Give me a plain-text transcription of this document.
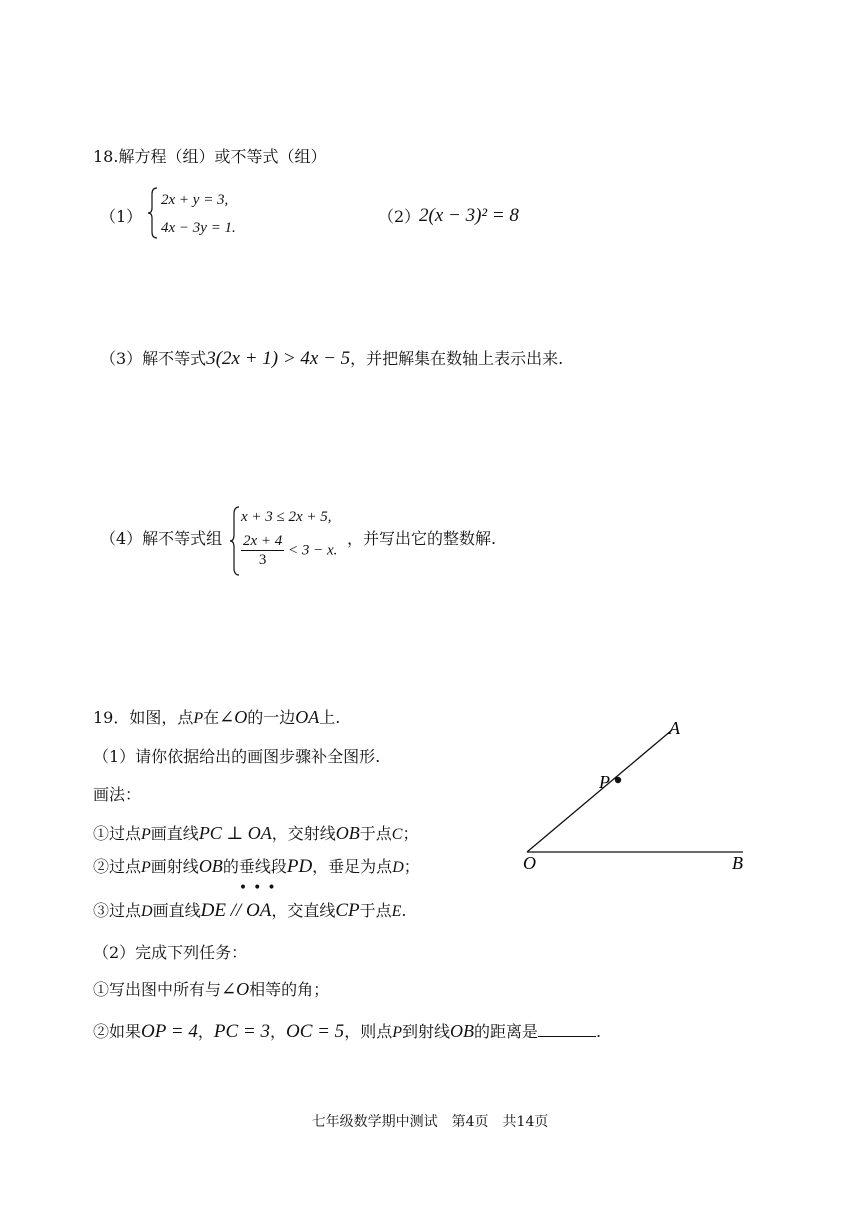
18.解方程（组）或不等式（组）
（1）
2x + y = 3,
4x − 3y = 1.
（2）
2(x − 3)² = 8
（3）解不等式3(2x + 1) > 4x − 5，并把解集在数轴上表示出来.
（4）解不等式组
x + 3 ≤ 2x + 5,
$\frac{2x + 4}{3} < 3 - x$.
，并写出它的整数解.
19．如图，点P在∠O的一边OA上.
（1）请你依据给出的画图步骤补全图形.
画法：
①过点P画直线PC ⊥ OA，交射线OB于点C；
②过点P画射线OB的垂线段
•••
PD，垂足为点D；
③过点D画直线DE // OA，交直线CP于点E.
（2）完成下列任务：
①写出图中所有与∠O相等的角；
②如果OP = 4，PC = 3，OC = 5，则点P到射线OB的距离是	.
A
P
O	B
七年级数学期中测试　第4页　共14页
